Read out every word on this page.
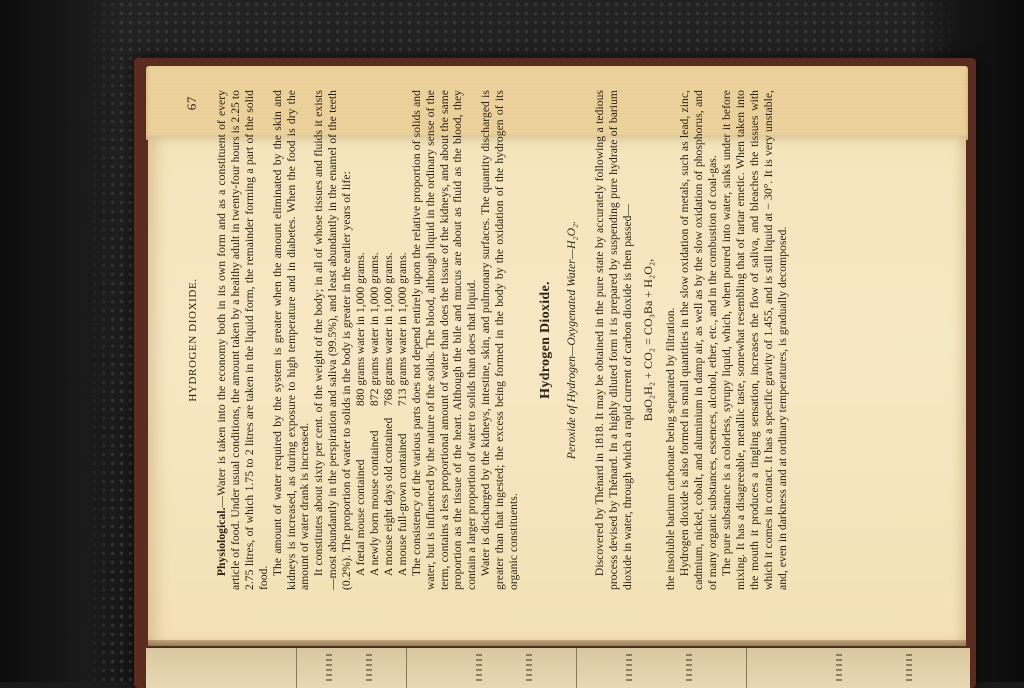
HYDROGEN DIOXIDE.
67

Physiological.—Water is taken into the economy both in its own form and as a constituent of every article of food. Under usual conditions, the amount taken by a healthy adult in twenty-four hours is 2.25 to 2.75 litres, of which 1.75 to 2 litres are taken in the liquid form, the remainder forming a part of the solid food.

The amount of water required by the system is greater when the amount eliminated by the skin and kidneys is increased, as during exposure to high temperature and in diabetes. When the food is dry the amount of water drank is increased. It constitutes about sixty per cent. of the weight of the body; in all of whose tissues and fluids it exists—most abundantly in the perspiration and saliva (99.5%), and least abundantly in the enamel of the teeth (0.2%). The proportion of water to solids in the body is greater in the earlier years of life: A fœtal mouse contained
880 grams water in 1,000 grams.
A newly born mouse contained
872 grams water in 1,000 grams.
A mouse eight days old contained
768 grams water in 1,000 grams.
A mouse full-grown contained
713 grams water in 1,000 grams. The consistency of the various parts does not depend entirely upon the relative proportion of solids and water, but is influenced by the nature of the solids. The blood, although liquid in the ordinary sense of the term, contains a less proportional amount of water than does the tissue of the kidneys, and about the same proportion as the tissue of the heart. Although the bile and mucus are about as fluid as the blood, they contain a larger proportion of water to solids than does that liquid. Water is discharged by the kidneys, intestine, skin, and pulmonary surfaces. The quantity discharged is greater than that ingested; the excess being formed in the body by the oxidation of the hydrogen of its organic constituents.

Hydrogen Dioxide. Peroxide of Hydrogen—Oxygenated Water—H₂O₂. Discovered by Thénard in 1818. It may be obtained in the pure state by accurately following a tedious process devised by Thénard. In a highly diluted form it is prepared by suspending pure hydrate of barium dioxide in water, through which a rapid current of carbon dioxide is then passed— BaO₂H₂ + CO₂ = CO₃Ba + H₂O₂, the insoluble barium carbonate being separated by filtration. Hydrogen dioxide is also formed in small quantities in the slow oxidation of metals, such as lead, zinc, cadmium, nickel, cobalt, and aluminium in damp air, as well as by the slow oxidation of phosphorus, and of many organic substances, essences, alcohol, ether, etc., and in the combustion of coal-gas. The pure substance is a colorless, syrupy liquid, which, when poured into water, sinks under it before mixing. It has a disagreeable, metallic taste, somewhat resembling that of tartar emetic. When taken into the mouth it produces a tingling sensation, increases the flow of saliva, and bleaches the tissues with which it comes in contact. It has a specific gravity of 1.455, and is still liquid at − 30°. It is very unstable, and, even in darkness and at ordinary temperatures, is gradually decomposed.
